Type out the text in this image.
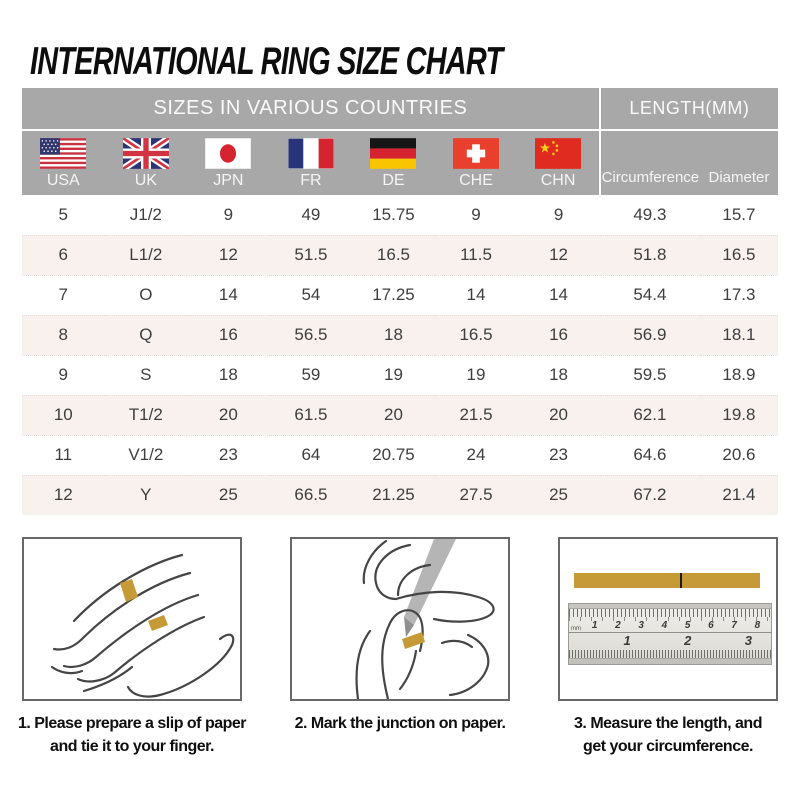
INTERNATIONAL RING SIZE CHART
SIZES IN VARIOUS COUNTRIES							LENGTH(MM)	

USA	UK	JPN	FR	DE	CHE	CHN	Circumference	Diameter
5	J1/2	9	49	15.75	9	9	49.3	15.7
6	L1/2	12	51.5	16.5	11.5	12	51.8	16.5
7	O	14	54	17.25	14	14	54.4	17.3
8	Q	16	56.5	18	16.5	16	56.9	18.1
9	S	18	59	19	19	18	59.5	18.9
10	T1/2	20	61.5	20	21.5	20	62.1	19.8
11	V1/2	23	64	20.75	24	23	64.6	20.6
12	Y	25	66.5	21.25	27.5	25	67.2	21.4
1. Please prepare a slip of paper
and tie it to your finger.
2. Mark the junction on paper.
mm	1	2	3	4	5	6	7	8
1	2	3
3. Measure the length, and
get your circumference.
